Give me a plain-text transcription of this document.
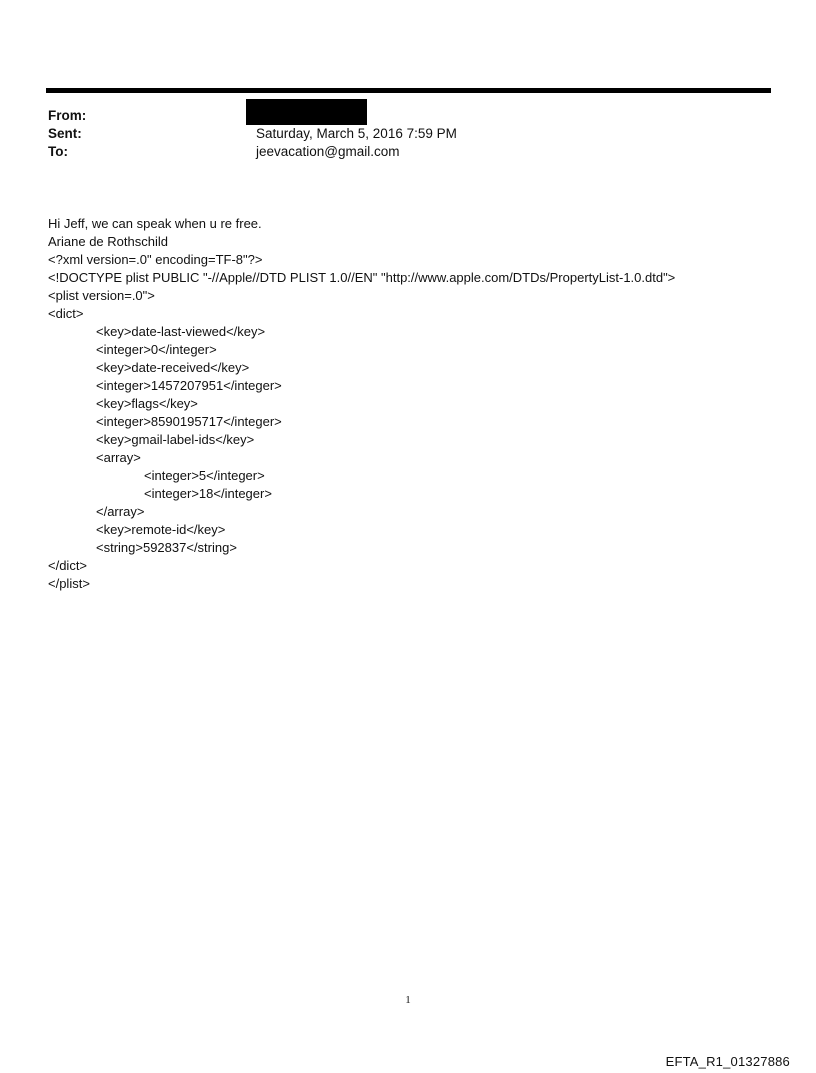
From:
Sent:	Saturday, March 5, 2016 7:59 PM
To:	jeevacation@gmail.com
Hi Jeff, we can speak when u re free.
Ariane de Rothschild
<?xml version=.0" encoding=TF-8"?>
<!DOCTYPE plist PUBLIC "-//Apple//DTD PLIST 1.0//EN" "http://www.apple.com/DTDs/PropertyList-1.0.dtd">
<plist version=.0">
<dict>
<key>date-last-viewed</key>
<integer>0</integer>
<key>date-received</key>
<integer>1457207951</integer>
<key>flags</key>
<integer>8590195717</integer>
<key>gmail-label-ids</key>
<array>
<integer>5</integer>
<integer>18</integer>
</array>
<key>remote-id</key>
<string>592837</string>
</dict>
</plist>
1
EFTA_R1_01327886
